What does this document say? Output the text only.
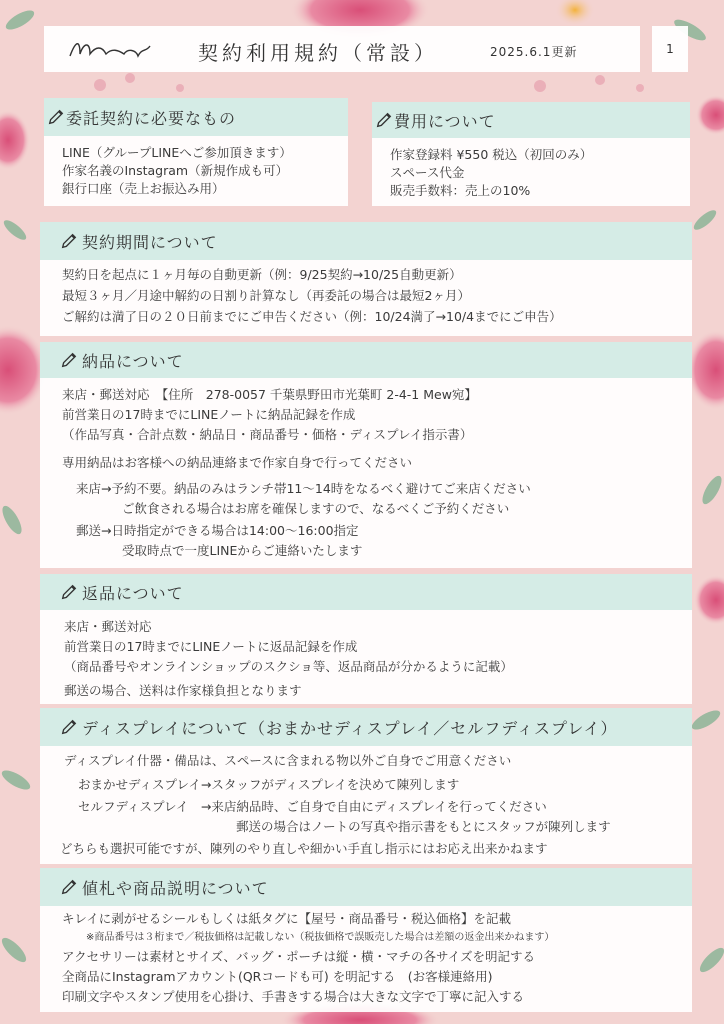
契約利用規約（常設）	2025.6.1更新	1
委託契約に必要なもの
LINE（グループLINEへご参加頂きます）
作家名義のInstagram（新規作成も可）
銀行口座（売上お振込み用）
費用について
作家登録料 ¥550 税込（初回のみ）
スペース代金
販売手数料：売上の10%
契約期間について
契約日を起点に１ヶ月毎の自動更新（例：9/25契約→10/25自動更新）
最短３ヶ月／月途中解約の日割り計算なし（再委託の場合は最短2ヶ月）
ご解約は満了日の２０日前までにご申告ください（例：10/24満了→10/4までにご申告）
納品について
来店・郵送対応　【住所　278-0057 千葉県野田市光葉町 2-4-1 Mew宛】
前営業日の17時までにLINEノートに納品記録を作成
（作品写真・合計点数・納品日・商品番号・価格・ディスプレイ指示書）
専用納品はお客様への納品連絡まで作家自身で行ってください
来店→予約不要。納品のみはランチ帯11〜14時をなるべく避けてご来店ください
ご飲食される場合はお席を確保しますので、なるべくご予約ください
郵送→日時指定ができる場合は14:00〜16:00指定
受取時点で一度LINEからご連絡いたします
返品について
来店・郵送対応
前営業日の17時までにLINEノートに返品記録を作成
（商品番号やオンラインショップのスクショ等、返品商品が分かるように記載）
郵送の場合、送料は作家様負担となります
ディスプレイについて（おまかせディスプレイ／セルフディスプレイ）
ディスプレイ什器・備品は、スペースに含まれる物以外ご自身でご用意ください
おまかせディスプレイ→スタッフがディスプレイを決めて陳列します
セルフディスプレイ　→来店納品時、ご自身で自由にディスプレイを行ってください
郵送の場合はノートの写真や指示書をもとにスタッフが陳列します
どちらも選択可能ですが、陳列のやり直しや細かい手直し指示にはお応え出来かねます
値札や商品説明について
キレイに剥がせるシールもしくは紙タグに【屋号・商品番号・税込価格】を記載
※商品番号は３桁まで／税抜価格は記載しない（税抜価格で誤販売した場合は差額の返金出来かねます）
アクセサリーは素材とサイズ、バッグ・ポーチは縦・横・マチの各サイズを明記する
全商品にInstagramアカウント(QRコードも可) を明記する　(お客様連絡用)
印刷文字やスタンプ使用を心掛け、手書きする場合は大きな文字で丁寧に記入する
